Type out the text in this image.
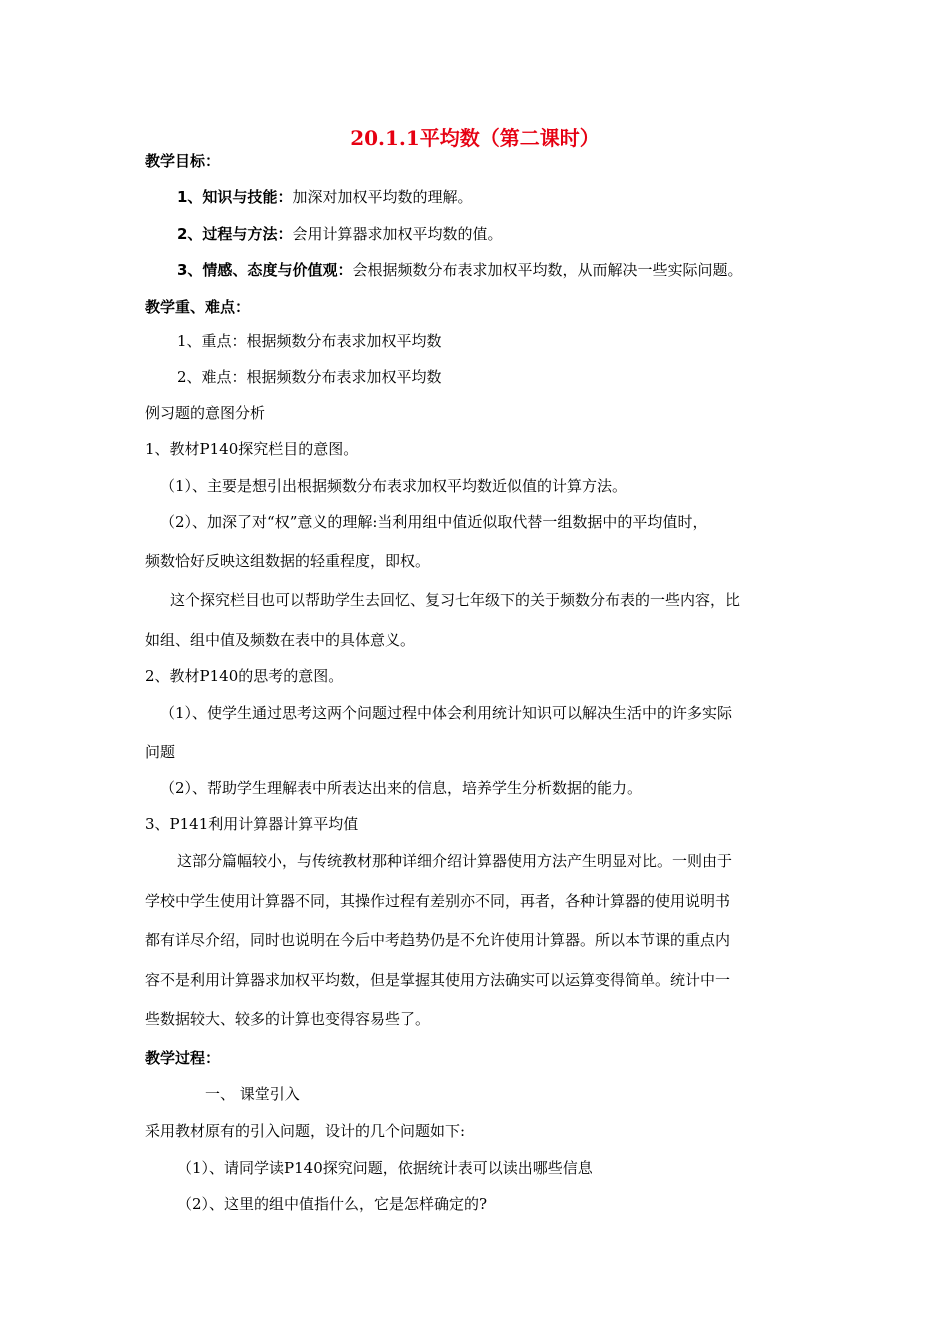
20.1.1平均数（第二课时）
教学目标：
1、知识与技能：加深对加权平均数的理解。
2、过程与方法：会用计算器求加权平均数的值。
3、情感、态度与价值观：会根据频数分布表求加权平均数，从而解决一些实际问题。
教学重、难点：
1、重点：根据频数分布表求加权平均数
2、难点：根据频数分布表求加权平均数
例习题的意图分析
1、教材P140探究栏目的意图。
（1）、主要是想引出根据频数分布表求加权平均数近似值的计算方法。
（2）、加深了对“权”意义的理解:当利用组中值近似取代替一组数据中的平均值时，
频数恰好反映这组数据的轻重程度，即权。
这个探究栏目也可以帮助学生去回忆、复习七年级下的关于频数分布表的一些内容，比
如组、组中值及频数在表中的具体意义。
2、教材P140的思考的意图。
（1）、使学生通过思考这两个问题过程中体会利用统计知识可以解决生活中的许多实际
问题
（2）、帮助学生理解表中所表达出来的信息，培养学生分析数据的能力。
3、P141利用计算器计算平均值
这部分篇幅较小，与传统教材那种详细介绍计算器使用方法产生明显对比。一则由于
学校中学生使用计算器不同，其操作过程有差别亦不同，再者，各种计算器的使用说明书
都有详尽介绍，同时也说明在今后中考趋势仍是不允许使用计算器。所以本节课的重点内
容不是利用计算器求加权平均数，但是掌握其使用方法确实可以运算变得简单。统计中一
些数据较大、较多的计算也变得容易些了。
教学过程：
一、 课堂引入
采用教材原有的引入问题，设计的几个问题如下:
（1）、请同学读P140探究问题，依据统计表可以读出哪些信息
（2）、这里的组中值指什么，它是怎样确定的?
